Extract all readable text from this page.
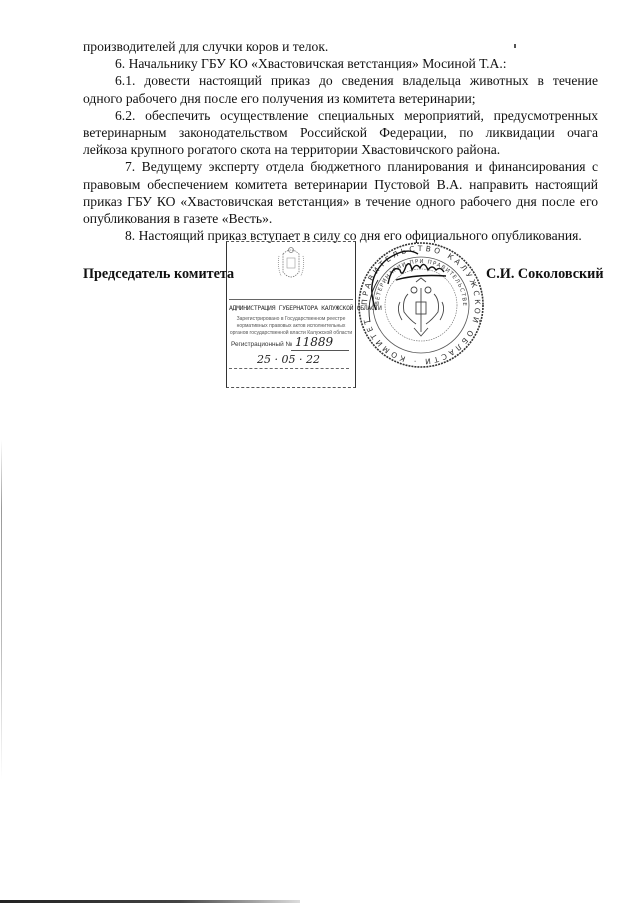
производителей для случки коров и телок.
6. Начальнику ГБУ КО «Хвастовичская ветстанция» Мосиной Т.А.:
6.1. довести настоящий приказ до сведения владельца животных в течение
одного рабочего дня после его получения из комитета ветеринарии;
6.2. обеспечить осуществление специальных мероприятий, предусмотренных
ветеринарным законодательством Российской Федерации, по ликвидации очага
лейкоза крупного рогатого скота на территории Хвастовичского района.
7. Ведущему эксперту отдела бюджетного планирования и финансирования с
правовым обеспечением комитета ветеринарии Пустовой В.А. направить настоящий
приказ ГБУ КО «Хвастовичская ветстанция» в течение одного рабочего дня после его
опубликования в газете «Весть».
8. Настоящий приказ вступает в силу со дня его официального опубликования.
АДМИНИСТРАЦИЯ ГУБЕРНАТОРА КАЛУЖСКОЙ ОБЛАСТИ
Зарегистрировано в Государственном реестре нормативных правовых актов исполнительных органов государственной власти Калужской области
Регистрационный № 11889
25 · 05 · 22
Председатель комитета	С.И. Соколовский
ПРАВИТЕЛЬСТВО КАЛУЖСКОЙ ОБЛАСТИ · КОМИТЕТ
ВЕТЕРИНАРИИ ПРИ ПРАВИТЕЛЬСТВЕ
